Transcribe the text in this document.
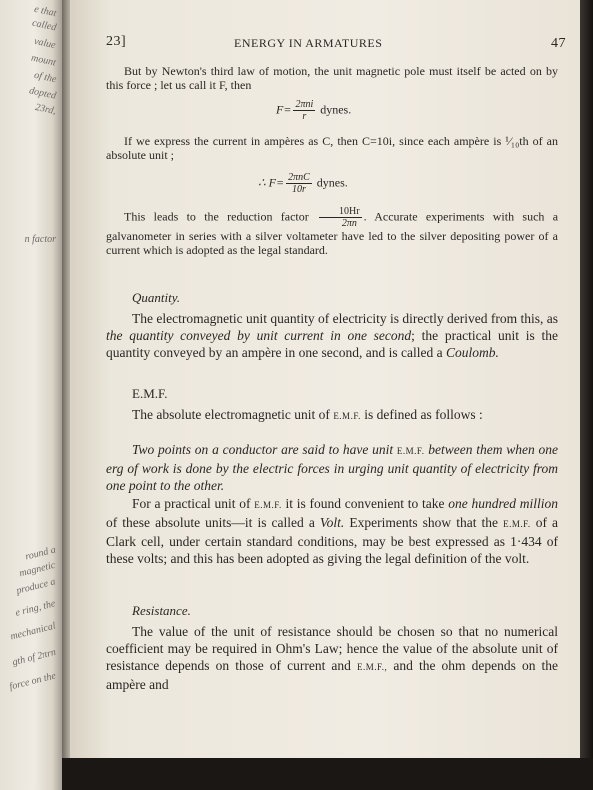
e that
called
value
mount
of the
dopted
23rd,
n factor
round a
magnetic
produce a
e ring, the
mechanical
gth of 2πrn
force on the
23]	ENERGY IN ARMATURES	47
But by Newton's third law of motion, the unit magnetic pole must itself be acted on by this force ; let us call it F, then
$F= \frac{\text{2πni}}{r}$ dynes.
If we express the current in ampères as C, then C=10i, since each ampère is ¹⁄₁₀th of an absolute unit ;
∴ $F= \frac{\text{2πnC}}{10r}$ dynes.
This leads to the reduction factor $\frac{10Hr}{2\pi n}$ . Accurate experiments with such a galvanometer in series with a silver voltameter have led to the silver depositing power of a current which is adopted as the legal standard.
Quantity.
The electromagnetic unit quantity of electricity is directly derived from this, as the quantity conveyed by unit current in one second; the practical unit is the quantity conveyed by an ampère in one second, and is called a Coulomb.
E.M.F.
The absolute electromagnetic unit of E.M.F. is defined as follows :
Two points on a conductor are said to have unit E.M.F. between them when one erg of work is done by the electric forces in urging unit quantity of electricity from one point to the other.
For a practical unit of E.M.F. it is found convenient to take one hundred million of these absolute units—it is called a Volt. Experiments show that the E.M.F. of a Clark cell, under certain standard conditions, may be best expressed as 1·434 of these volts; and this has been adopted as giving the legal definition of the volt.
Resistance.
The value of the unit of resistance should be chosen so that no numerical coefficient may be required in Ohm's Law; hence the value of the absolute unit of resistance depends on those of current and E.M.F., and the ohm depends on the ampère and
